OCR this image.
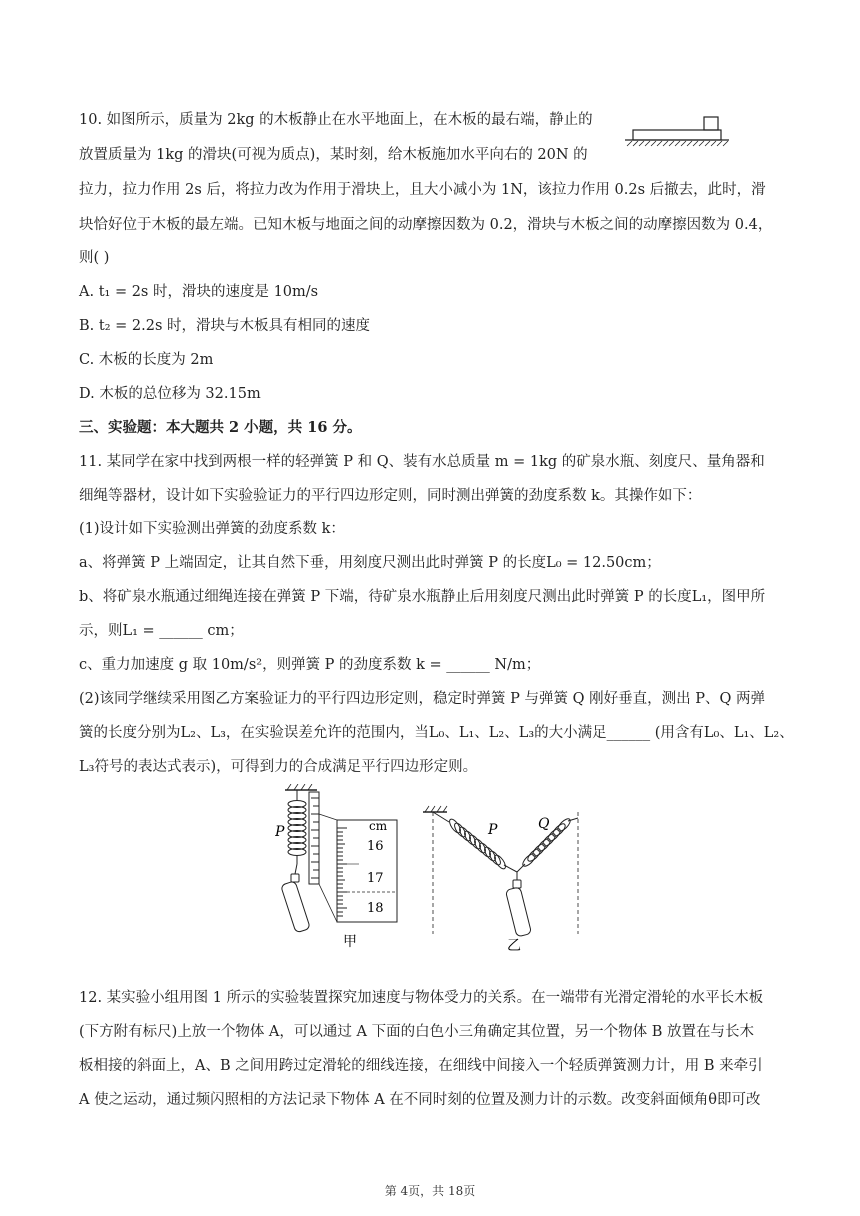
10. 如图所示，质量为 2kg 的木板静止在水平地面上，在木板的最右端，静止的
放置质量为 1kg 的滑块(可视为质点)，某时刻，给木板施加水平向右的 20N 的
拉力，拉力作用 2s 后，将拉力改为作用于滑块上，且大小减小为 1N，该拉力作用 0.2s 后撤去，此时，滑
块恰好位于木板的最左端。已知木板与地面之间的动摩擦因数为 0.2，滑块与木板之间的动摩擦因数为 0.4，
则( )
A. t₁ = 2s 时，滑块的速度是 10m/s
B. t₂ = 2.2s 时，滑块与木板具有相同的速度
C. 木板的长度为 2m
D. 木板的总位移为 32.15m
三、实验题：本大题共 2 小题，共 16 分。
11. 某同学在家中找到两根一样的轻弹簧 P 和 Q、装有水总质量 m = 1kg 的矿泉水瓶、刻度尺、量角器和
细绳等器材，设计如下实验验证力的平行四边形定则，同时测出弹簧的劲度系数 k。其操作如下：
(1)设计如下实验测出弹簧的劲度系数 k：
a、将弹簧 P 上端固定，让其自然下垂，用刻度尺测出此时弹簧 P 的长度L₀ = 12.50cm；
b、将矿泉水瓶通过细绳连接在弹簧 P 下端，待矿泉水瓶静止后用刻度尺测出此时弹簧 P 的长度L₁，图甲所
示，则L₁ = ______ cm；
c、重力加速度 g 取 10m/s²，则弹簧 P 的劲度系数 k = ______ N/m；
(2)该同学继续采用图乙方案验证力的平行四边形定则，稳定时弹簧 P 与弹簧 Q 刚好垂直，测出 P、Q 两弹
簧的长度分别为L₂、L₃，在实验误差允许的范围内，当L₀、L₁、L₂、L₃的大小满足______ (用含有L₀、L₁、L₂、
L₃符号的表达式表示)，可得到力的合成满足平行四边形定则。
P	cm
16
17
18
甲
P	Q
乙
12. 某实验小组用图 1 所示的实验装置探究加速度与物体受力的关系。在一端带有光滑定滑轮的水平长木板
(下方附有标尺)上放一个物体 A，可以通过 A 下面的白色小三角确定其位置，另一个物体 B 放置在与长木
板相接的斜面上，A、B 之间用跨过定滑轮的细线连接，在细线中间接入一个轻质弹簧测力计，用 B 来牵引
A 使之运动，通过频闪照相的方法记录下物体 A 在不同时刻的位置及测力计的示数。改变斜面倾角θ即可改
第 4页，共 18页
